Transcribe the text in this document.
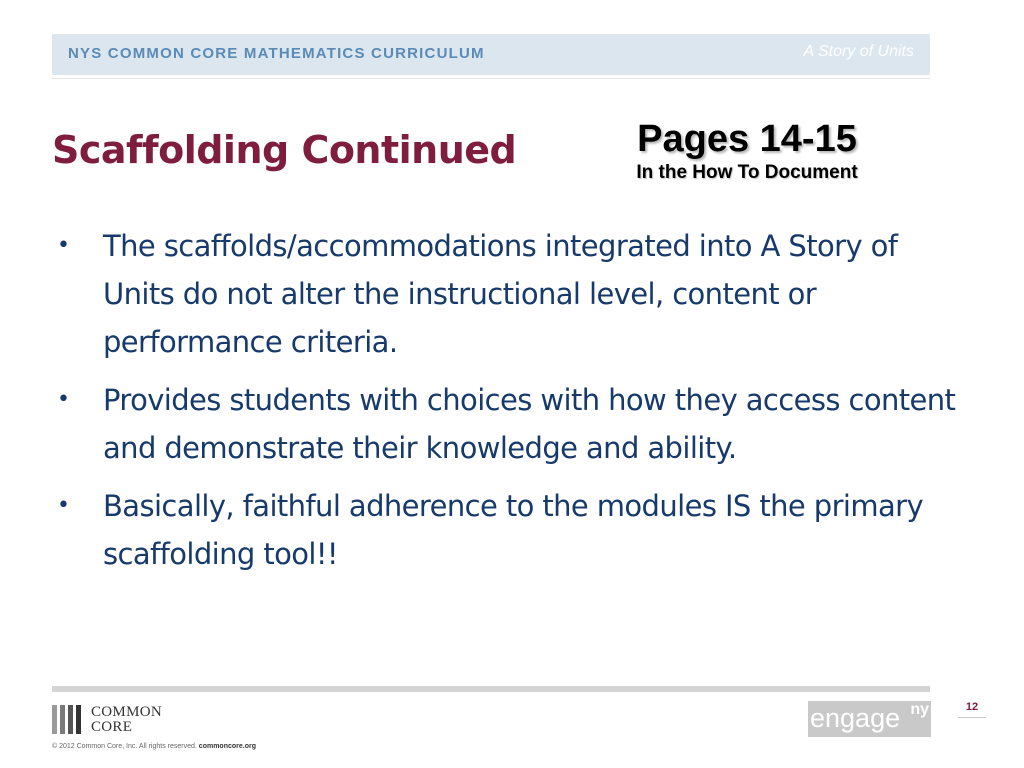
NYS COMMON CORE MATHEMATICS CURRICULUM	A Story of Units
Scaffolding Continued	Pages 14-15
In the How To Document
• The scaffolds/accommodations integrated into A Story of Units do not alter the instructional level, content or performance criteria.
• Provides students with choices with how they access content and demonstrate their knowledge and ability.
• Basically, faithful adherence to the modules IS the primary scaffolding tool!!
COMMON
CORE
© 2012 Common Core, Inc. All rights reserved. commoncore.org
engage ny	12
